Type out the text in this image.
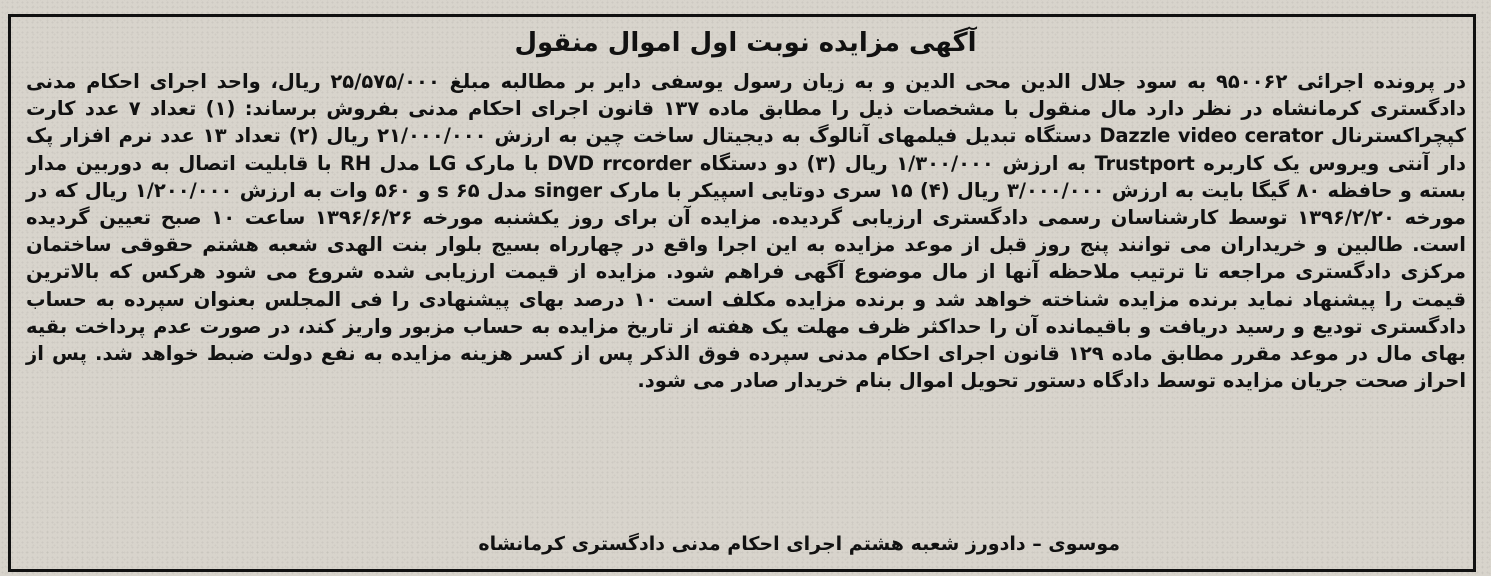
آگهی مزایده نوبت اول اموال منقول

در پرونده اجرائی ۹۵۰۰۶۲ به سود جلال الدین محی الدین و به زیان رسول یوسفی دایر بر مطالبه مبلغ ۲۵/۵۷۵/۰۰۰ ریال، واحد اجرای احکام مدنی دادگستری کرمانشاه در نظر دارد مال منقول با مشخصات ذیل را مطابق ماده ۱۳۷ قانون اجرای احکام مدنی بفروش برساند: (۱) تعداد ۷ عدد کارت کپچراکسترنال Dazzle video cerator دستگاه تبدیل فیلمهای آنالوگ به دیجیتال ساخت چین به ارزش ۲۱/۰۰۰/۰۰۰ ریال (۲) تعداد ۱۳ عدد نرم افزار پک دار آنتی ویروس یک کاربره Trustport به ارزش ۱/۳۰۰/۰۰۰ ریال (۳) دو دستگاه DVD rrcorder با مارک LG مدل RH با قابلیت اتصال به دوربین مدار بسته و حافظه ۸۰ گیگا بایت به ارزش ۳/۰۰۰/۰۰۰ ریال (۴) ۱۵ سری دوتایی اسپیکر با مارک singer مدل ۶۵ s و ۵۶۰ وات به ارزش ۱/۲۰۰/۰۰۰ ریال که در مورخه ۱۳۹۶/۲/۲۰ توسط کارشناسان رسمی دادگستری ارزیابی گردیده. مزایده آن برای روز یکشنبه مورخه ۱۳۹۶/۶/۲۶ ساعت ۱۰ صبح تعیین گردیده است. طالبین و خریداران می توانند پنج روز قبل از موعد مزایده به این اجرا واقع در چهارراه بسیج بلوار بنت الهدی شعبه هشتم حقوقی ساختمان مرکزی دادگستری مراجعه تا ترتیب ملاحظه آنها از مال موضوع آگهی فراهم شود. مزایده از قیمت ارزیابی شده شروع می شود هرکس که بالاترین قیمت را پیشنهاد نماید برنده مزایده شناخته خواهد شد و برنده مزایده مکلف است ۱۰ درصد بهای پیشنهادی را فی المجلس بعنوان سپرده به حساب دادگستری تودیع و رسید دریافت و باقیمانده آن را حداکثر ظرف مهلت یک هفته از تاریخ مزایده به حساب مزبور واریز کند، در صورت عدم پرداخت بقیه بهای مال در موعد مقرر مطابق ماده ۱۲۹ قانون اجرای احکام مدنی سپرده فوق الذکر پس از کسر هزینه مزایده به نفع دولت ضبط خواهد شد. پس از احراز صحت جریان مزایده توسط دادگاه دستور تحویل اموال بنام خریدار صادر می شود.

موسوی – دادورز شعبه هشتم اجرای احکام مدنی دادگستری کرمانشاه
